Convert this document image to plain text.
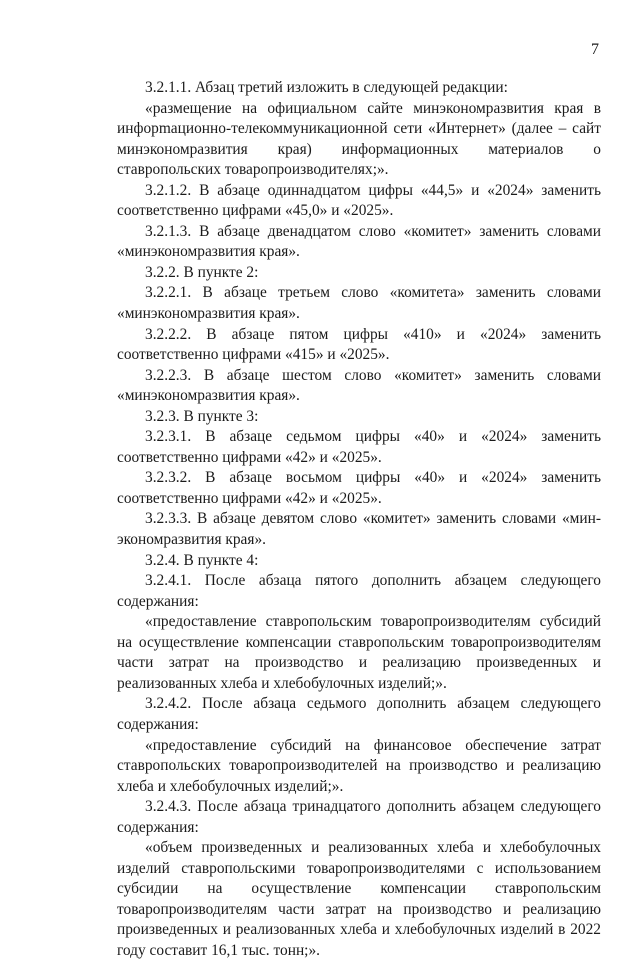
7

3.2.1.1. Абзац третий изложить в следующей редакции:

«размещение на официальном сайте минэкономразвития края в инфорmационно-телекоммуникационной сети «Интернет» (далее – сайт минэкономразвития края) информационных материалов о ставропольских товаропроизводителях;».

3.2.1.2. В абзаце одиннадцатом цифры «44,5» и «2024» заменить соответственно цифрами «45,0» и «2025».

3.2.1.3. В абзаце двенадцатом слово «комитет» заменить словами «минэкономразвития края».

3.2.2. В пункте 2:

3.2.2.1. В абзаце третьем слово «комитета» заменить словами «минэкономразвития края».

3.2.2.2. В абзаце пятом цифры «410» и «2024» заменить соответственно цифрами «415» и «2025».

3.2.2.3. В абзаце шестом слово «комитет» заменить словами «минэкономразвития края».

3.2.3. В пункте 3:

3.2.3.1. В абзаце седьмом цифры «40» и «2024» заменить соответственно цифрами «42» и «2025».

3.2.3.2. В абзаце восьмом цифры «40» и «2024» заменить соответственно цифрами «42» и «2025».

3.2.3.3. В абзаце девятом слово «комитет» заменить словами «минэкономразвития края».

3.2.4. В пункте 4:

3.2.4.1. После абзаца пятого дополнить абзацем следующего содержания:

«предоставление ставропольским товаропроизводителям субсидий на осуществление компенсации ставропольским товаропроизводителям части затрат на производство и реализацию произведенных и реализованных хлеба и хлебобулочных изделий;».

3.2.4.2. После абзаца седьмого дополнить абзацем следующего содержания:

«предоставление субсидий на финансовое обеспечение затрат ставропольских товаропроизводителей на производство и реализацию хлеба и хлебобулочных изделий;».

3.2.4.3. После абзаца тринадцатого дополнить абзацем следующего содержания:

«объем произведенных и реализованных хлеба и хлебобулочных изделий ставропольскими товаропроизводителями с использованием субсидии на осуществление компенсации ставропольским товаропроизводителям части затрат на производство и реализацию произведенных и реализованных хлеба и хлебобулочных изделий в 2022 году составит 16,1 тыс. тонн;».
